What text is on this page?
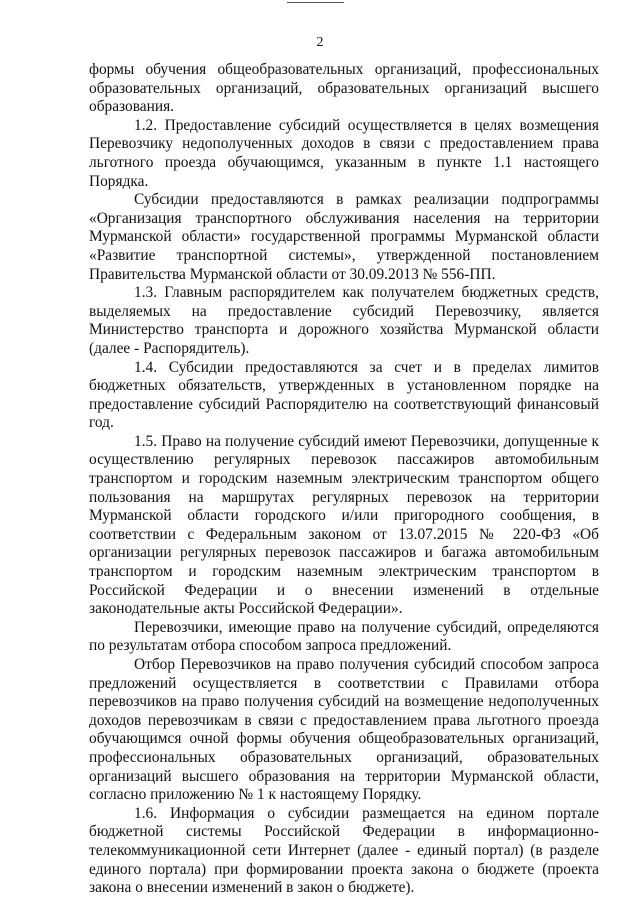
2

формы обучения общеобразовательных организаций, профессиональных образовательных организаций, образовательных организаций высшего образования.

1.2. Предоставление субсидий осуществляется в целях возмещения Перевозчику недополученных доходов в связи с предоставлением права льготного проезда обучающимся, указанным в пункте 1.1 настоящего Порядка.

Субсидии предоставляются в рамках реализации подпрограммы «Организация транспортного обслуживания населения на территории Мурманской области» государственной программы Мурманской области «Развитие транспортной системы», утвержденной постановлением Правительства Мурманской области от 30.09.2013 № 556-ПП.

1.3. Главным распорядителем как получателем бюджетных средств, выделяемых на предоставление субсидий Перевозчику, является Министерство транспорта и дорожного хозяйства Мурманской области (далее - Распорядитель).

1.4. Субсидии предоставляются за счет и в пределах лимитов бюджетных обязательств, утвержденных в установленном порядке на предоставление субсидий Распорядителю на соответствующий финансовый год.

1.5. Право на получение субсидий имеют Перевозчики, допущенные к осуществлению регулярных перевозок пассажиров автомобильным транспортом и городским наземным электрическим транспортом общего пользования на маршрутах регулярных перевозок на территории Мурманской области городского и/или пригородного сообщения, в соответствии с Федеральным законом от 13.07.2015 № 220-ФЗ «Об организации регулярных перевозок пассажиров и багажа автомобильным транспортом и городским наземным электрическим транспортом в Российской Федерации и о внесении изменений в отдельные законодательные акты Российской Федерации».

Перевозчики, имеющие право на получение субсидий, определяются по результатам отбора способом запроса предложений.

Отбор Перевозчиков на право получения субсидий способом запроса предложений осуществляется в соответствии с Правилами отбора перевозчиков на право получения субсидий на возмещение недополученных доходов перевозчикам в связи с предоставлением права льготного проезда обучающимся очной формы обучения общеобразовательных организаций, профессиональных образовательных организаций, образовательных организаций высшего образования на территории Мурманской области, согласно приложению № 1 к настоящему Порядку.

1.6. Информация о субсидии размещается на едином портале бюджетной системы Российской Федерации в информационно-телекоммуникационной сети Интернет (далее - единый портал) (в разделе единого портала) при формировании проекта закона о бюджете (проекта закона о внесении изменений в закон о бюджете).
